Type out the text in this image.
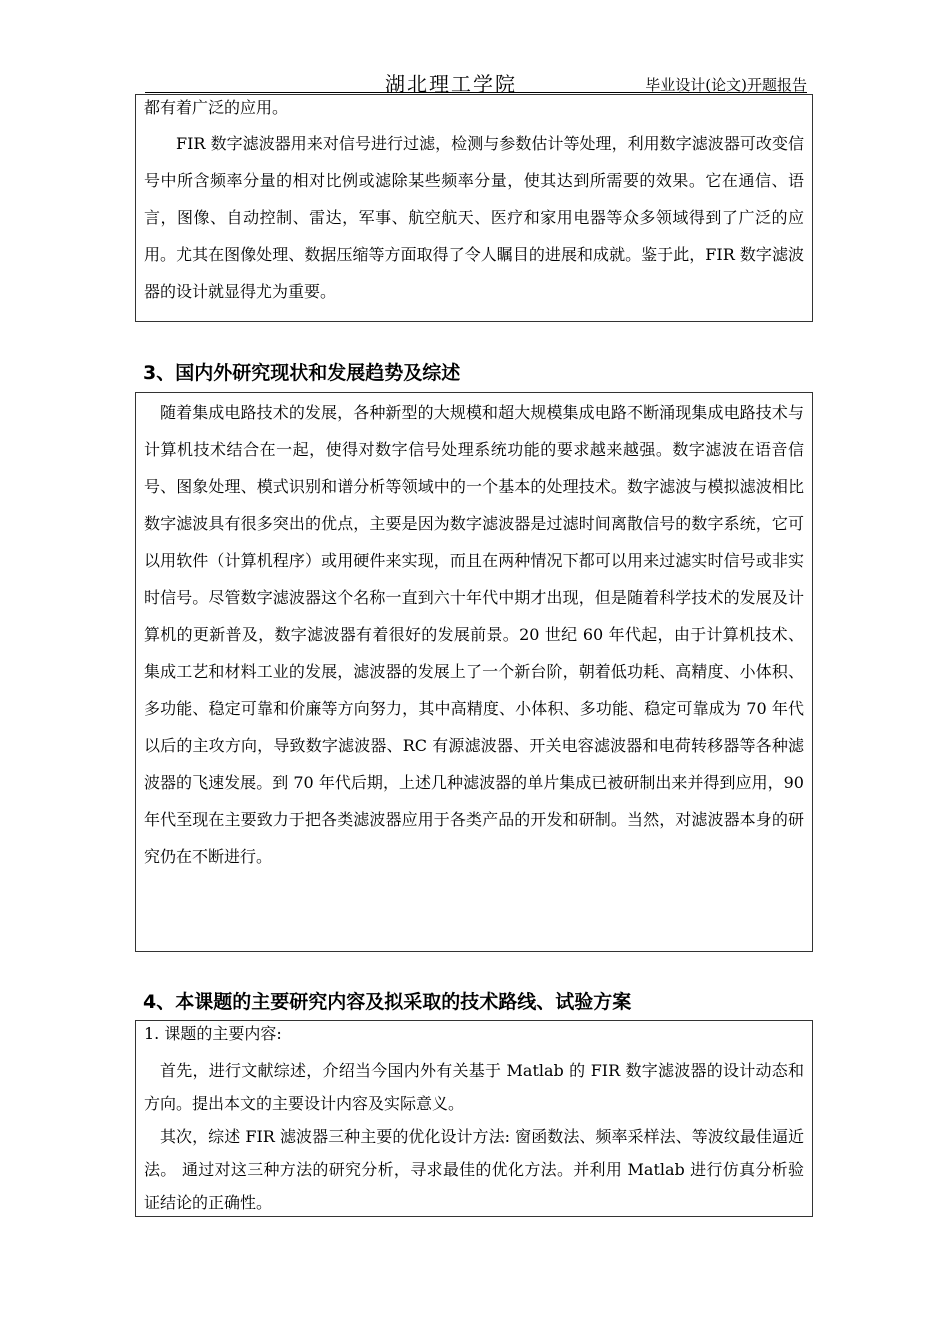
湖北理工学院	毕业设计(论文)开题报告

都有着广泛的应用。

FIR 数字滤波器用来对信号进行过滤，检测与参数估计等处理，利用数字滤波器可改变信号中所含频率分量的相对比例或滤除某些频率分量，使其达到所需要的效果。它在通信、语言，图像、自动控制、雷达，军事、航空航天、医疗和家用电器等众多领域得到了广泛的应用。尤其在图像处理、数据压缩等方面取得了令人瞩目的进展和成就。鉴于此，FIR 数字滤波器的设计就显得尤为重要。

3、国内外研究现状和发展趋势及综述

随着集成电路技术的发展，各种新型的大规模和超大规模集成电路不断涌现集成电路技术与计算机技术结合在一起，使得对数字信号处理系统功能的要求越来越强。数字滤波在语音信号、图象处理、模式识别和谱分析等领域中的一个基本的处理技术。数字滤波与模拟滤波相比数字滤波具有很多突出的优点，主要是因为数字滤波器是过滤时间离散信号的数字系统，它可以用软件（计算机程序）或用硬件来实现，而且在两种情况下都可以用来过滤实时信号或非实时信号。尽管数字滤波器这个名称一直到六十年代中期才出现，但是随着科学技术的发展及计算机的更新普及，数字滤波器有着很好的发展前景。20 世纪 60 年代起，由于计算机技术、集成工艺和材料工业的发展，滤波器的发展上了一个新台阶，朝着低功耗、高精度、小体积、多功能、稳定可靠和价廉等方向努力，其中高精度、小体积、多功能、稳定可靠成为 70 年代以后的主攻方向，导致数字滤波器、RC 有源滤波器、开关电容滤波器和电荷转移器等各种滤波器的飞速发展。到 70 年代后期，上述几种滤波器的单片集成已被研制出来并得到应用，90 年代至现在主要致力于把各类滤波器应用于各类产品的开发和研制。当然，对滤波器本身的研究仍在不断进行。

4、本课题的主要研究内容及拟采取的技术路线、试验方案

1. 课题的主要内容:

首先，进行文献综述，介绍当今国内外有关基于 Matlab 的 FIR 数字滤波器的设计动态和方向。提出本文的主要设计内容及实际意义。

其次，综述 FIR 滤波器三种主要的优化设计方法: 窗函数法、频率采样法、等波纹最佳逼近法。 通过对这三种方法的研究分析，寻求最佳的优化方法。并利用 Matlab 进行仿真分析验证结论的正确性。
